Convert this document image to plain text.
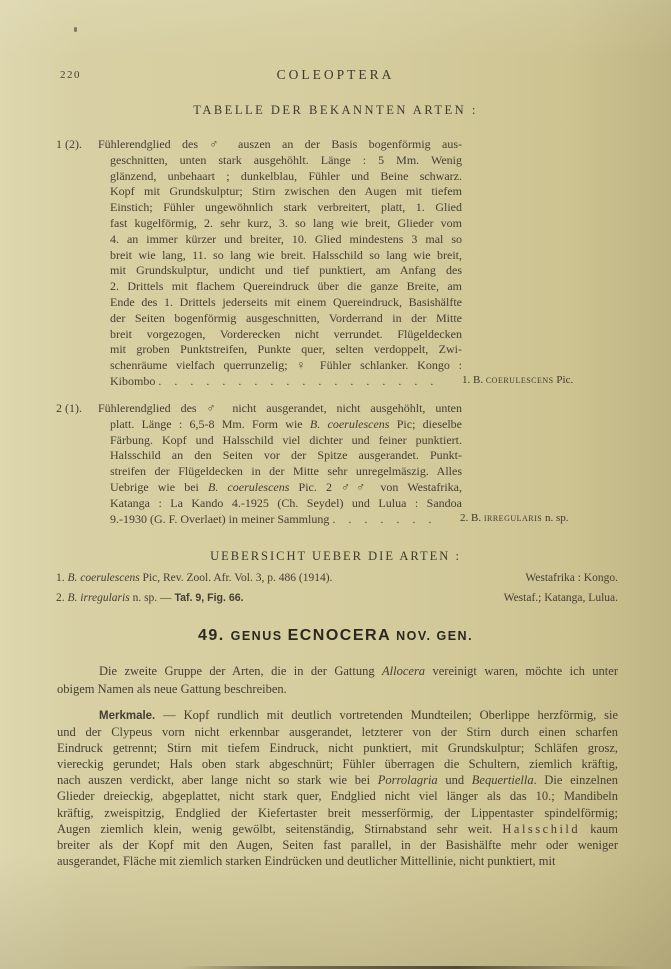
220	COLEOPTERA
TABELLE DER BEKANNTEN ARTEN :
1 (2). Fühlerendglied des ♂ auszen an der Basis bogenförmig aus-
geschnitten, unten stark ausgehöhlt. Länge : 5 Mm. Wenig
glänzend, unbehaart ; dunkelblau, Fühler und Beine schwarz.
Kopf mit Grundskulptur; Stirn zwischen den Augen mit tiefem
Einstich; Fühler ungewöhnlich stark verbreitert, platt, 1. Glied
fast kugelförmig, 2. sehr kurz, 3. so lang wie breit, Glieder vom
4. an immer kürzer und breiter, 10. Glied mindestens 3 mal so
breit wie lang, 11. so lang wie breit. Halsschild so lang wie breit,
mit Grundskulptur, undicht und tief punktiert, am Anfang des
2. Drittels mit flachem Quereindruck über die ganze Breite, am
Ende des 1. Drittels jederseits mit einem Quereindruck, Basishälfte
der Seiten bogenförmig ausgeschnitten, Vorderrand in der Mitte
breit vorgezogen, Vorderecken nicht verrundet. Flügeldecken
mit groben Punktstreifen, Punkte quer, selten verdoppelt, Zwi-
schenräume vielfach querrunzelig; ♀ Fühler schlanker. Kongo :
Kibombo . . . . . . . . . . . . . . . . . .	1. B. coerulescens Pic.
2 (1). Fühlerendglied des ♂ nicht ausgerandet, nicht ausgehöhlt, unten
platt. Länge : 6,5-8 Mm. Form wie B. coerulescens Pic; dieselbe
Färbung. Kopf und Halsschild viel dichter und feiner punktiert.
Halsschild an den Seiten vor der Spitze ausgerandet. Punkt-
streifen der Flügeldecken in der Mitte sehr unregelmäszig. Alles
Uebrige wie bei B. coerulescens Pic. 2 ♂♂ von Westafrika,
Katanga : La Kando 4.-1925 (Ch. Seydel) und Lulua : Sandoa
9.-1930 (G. F. Overlaet) in meiner Sammlung . . . . . . .	2. B. irregularis n. sp.
UEBERSICHT UEBER DIE ARTEN :
1. B. coerulescens Pic, Rev. Zool. Afr. Vol. 3, p. 486 (1914).	Westafrika : Kongo.
2. B. irregularis n. sp. — Taf. 9, Fig. 66.	Westaf.; Katanga, Lulua.
49. GENUS ECNOCERA NOV. GEN.
Die zweite Gruppe der Arten, die in der Gattung Allocera vereinigt waren, möchte ich unter
obigem Namen als neue Gattung beschreiben.
Merkmale. — Kopf rundlich mit deutlich vortretenden Mundteilen; Oberlippe herzförmig, sie
und der Clypeus vorn nicht erkennbar ausgerandet, letzterer von der Stirn durch einen scharfen
Eindruck getrennt; Stirn mit tiefem Eindruck, nicht punktiert, mit Grundskulptur; Schläfen grosz,
viereckig gerundet; Hals oben stark abgeschnürt; Fühler überragen die Schultern, ziemlich kräftig,
nach auszen verdickt, aber lange nicht so stark wie bei Porrolagria und Bequertiella. Die einzelnen
Glieder dreieckig, abgeplattet, nicht stark quer, Endglied nicht viel länger als das 10.; Mandibeln
kräftig, zweispitzig, Endglied der Kiefertaster breit messerförmig, der Lippentaster spindelförmig;
Augen ziemlich klein, wenig gewölbt, seitenständig, Stirnabstand sehr weit. Halsschild kaum
breiter als der Kopf mit den Augen, Seiten fast parallel, in der Basishälfte mehr oder weniger
ausgerandet, Fläche mit ziemlich starken Eindrücken und deutlicher Mittellinie, nicht punktiert, mit
